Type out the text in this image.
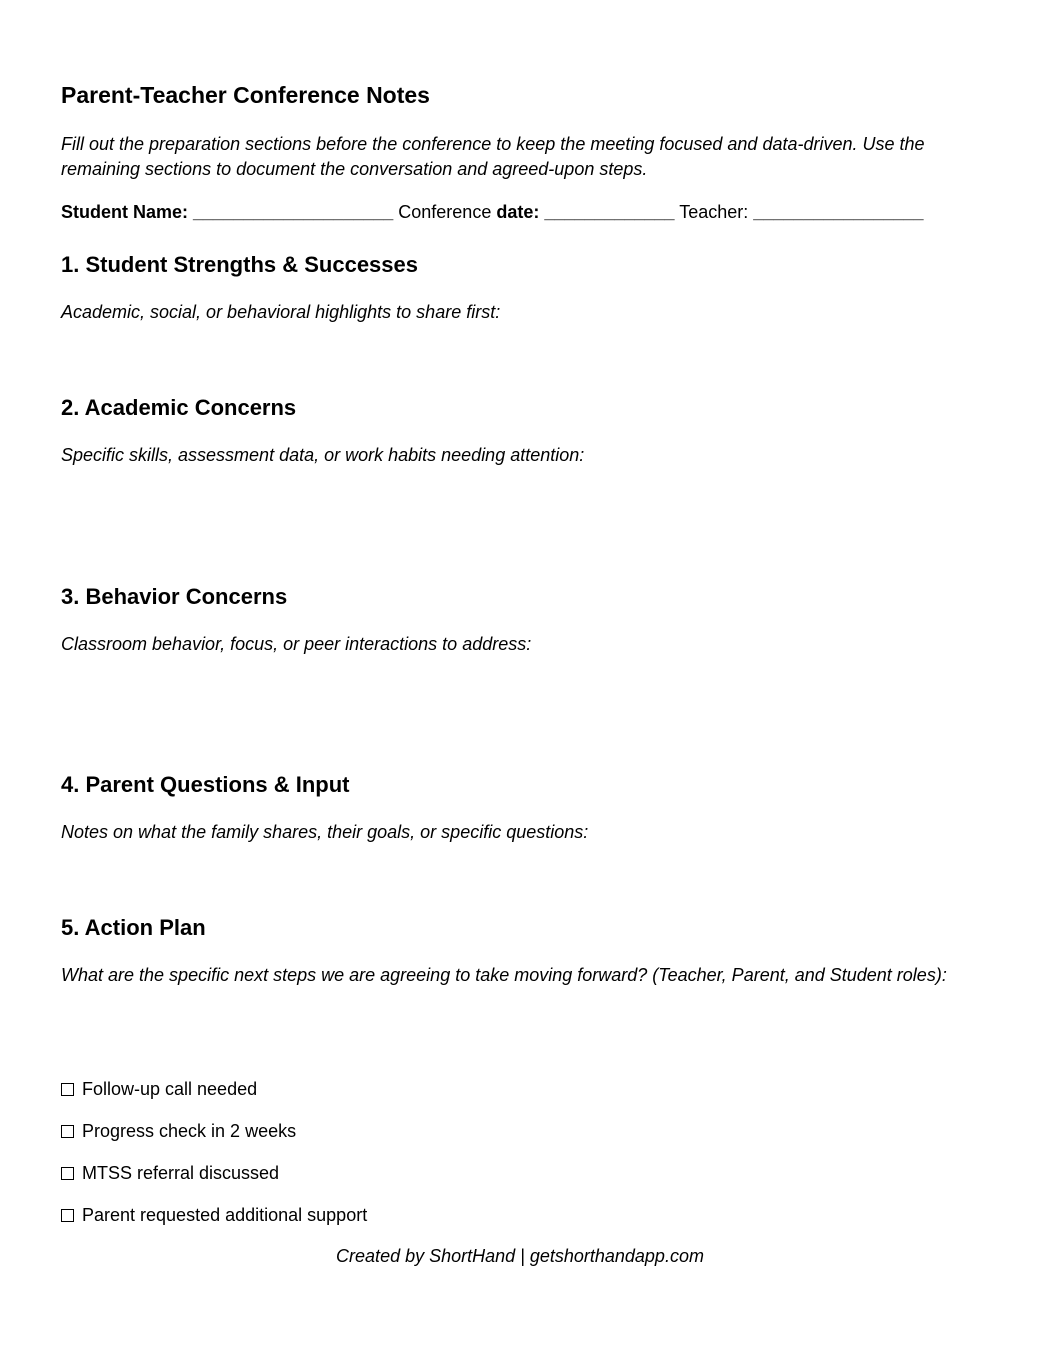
Parent-Teacher Conference Notes
Fill out the preparation sections before the conference to keep the meeting focused and data-driven. Use the remaining sections to document the conversation and agreed-upon steps.
Student Name: ____________________ Conference date: _____________ Teacher: _________________
1. Student Strengths & Successes
Academic, social, or behavioral highlights to share first:
2. Academic Concerns
Specific skills, assessment data, or work habits needing attention:
3. Behavior Concerns
Classroom behavior, focus, or peer interactions to address:
4. Parent Questions & Input
Notes on what the family shares, their goals, or specific questions:
5. Action Plan
What are the specific next steps we are agreeing to take moving forward? (Teacher, Parent, and Student roles):
Follow-up call needed
Progress check in 2 weeks
MTSS referral discussed
Parent requested additional support
Created by ShortHand | getshorthandapp.com
